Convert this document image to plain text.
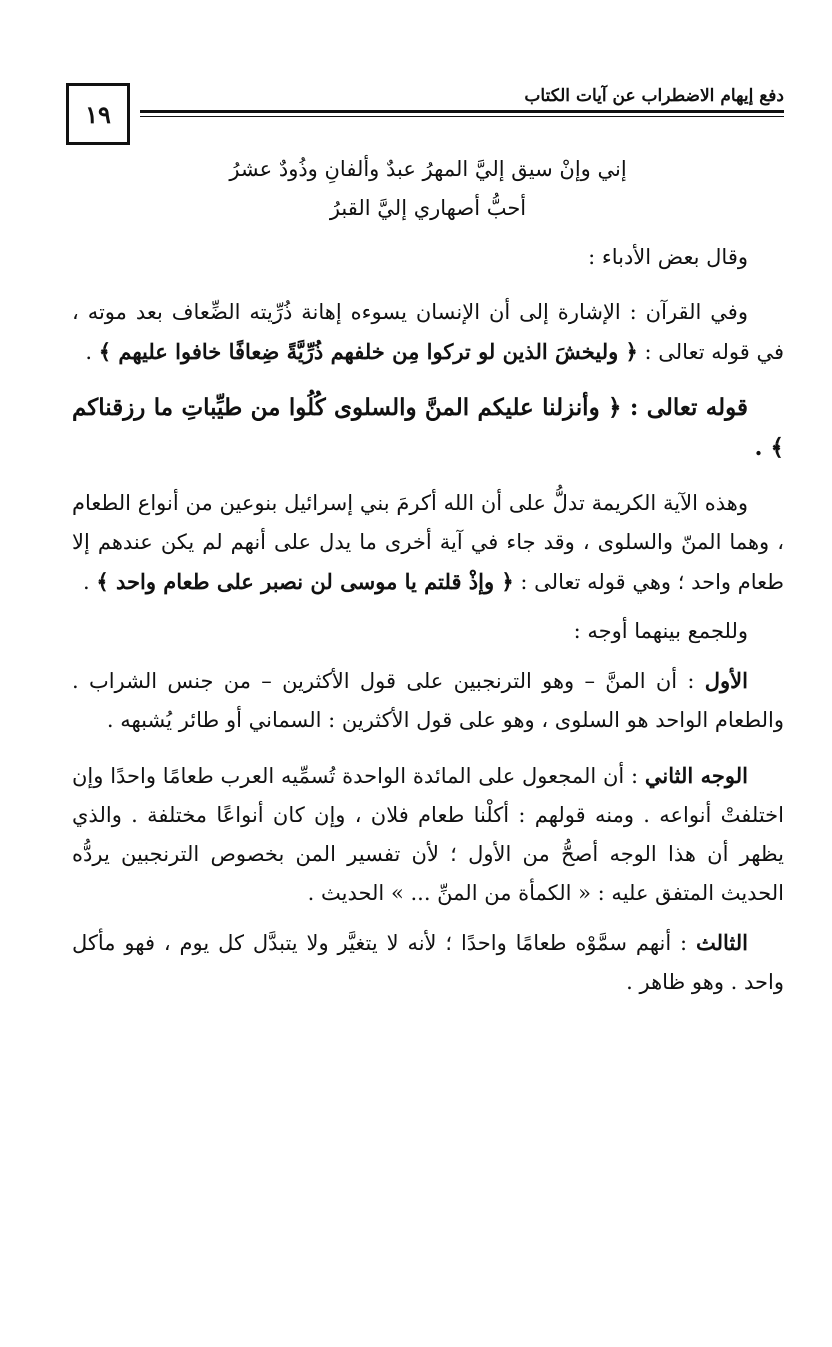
١٩
دفع إيهام الاضطراب عن آيات الكتاب
إني وإنْ سيق إليَّ المهرُ عبدٌ وألفانِ وذُودٌ عشرُ
أحبُّ أصهاري إليَّ القبرُ

وقال بعض الأدباء :

وفي القرآن : الإشارة إلى أن الإنسان يسوءه إهانة ذُرِّيته الضِّعاف بعد موته ، في قوله تعالى : ﴿ وليخشَ الذين لو تركوا مِن خلفهم ذُرِّيَّةً ضِعافًا خافوا عليهم ﴾ .

قوله تعالى : ﴿ وأنزلنا عليكم المنَّ والسلوى كُلُوا من طيِّباتِ ما رزقناكم ﴾ .

وهذه الآية الكريمة تدلُّ على أن الله أكرمَ بني إسرائيل بنوعين من أنواع الطعام ، وهما المنّ والسلوى ، وقد جاء في آية أخرى ما يدل على أنهم لم يكن عندهم إلا طعام واحد ؛ وهي قوله تعالى : ﴿ وإذْ قلتم يا موسى لن نصبر على طعام واحد ﴾ .

وللجمع بينهما أوجه :

الأول : أن المنَّ – وهو الترنجبين على قول الأكثرين – من جنس الشراب . والطعام الواحد هو السلوى ، وهو على قول الأكثرين : السماني أو طائر يُشبهه .

الوجه الثاني : أن المجعول على المائدة الواحدة تُسمِّيه العرب طعامًا واحدًا وإن اختلفتْ أنواعه . ومنه قولهم : أكلْنا طعام فلان ، وإن كان أنواعًا مختلفة . والذي يظهر أن هذا الوجه أصحُّ من الأول ؛ لأن تفسير المن بخصوص الترنجبين يردُّه الحديث المتفق عليه : « الكمأة من المنِّ ... » الحديث .

الثالث : أنهم سمَّوْه طعامًا واحدًا ؛ لأنه لا يتغيَّر ولا يتبدَّل كل يوم ، فهو مأكل واحد . وهو ظاهر .
